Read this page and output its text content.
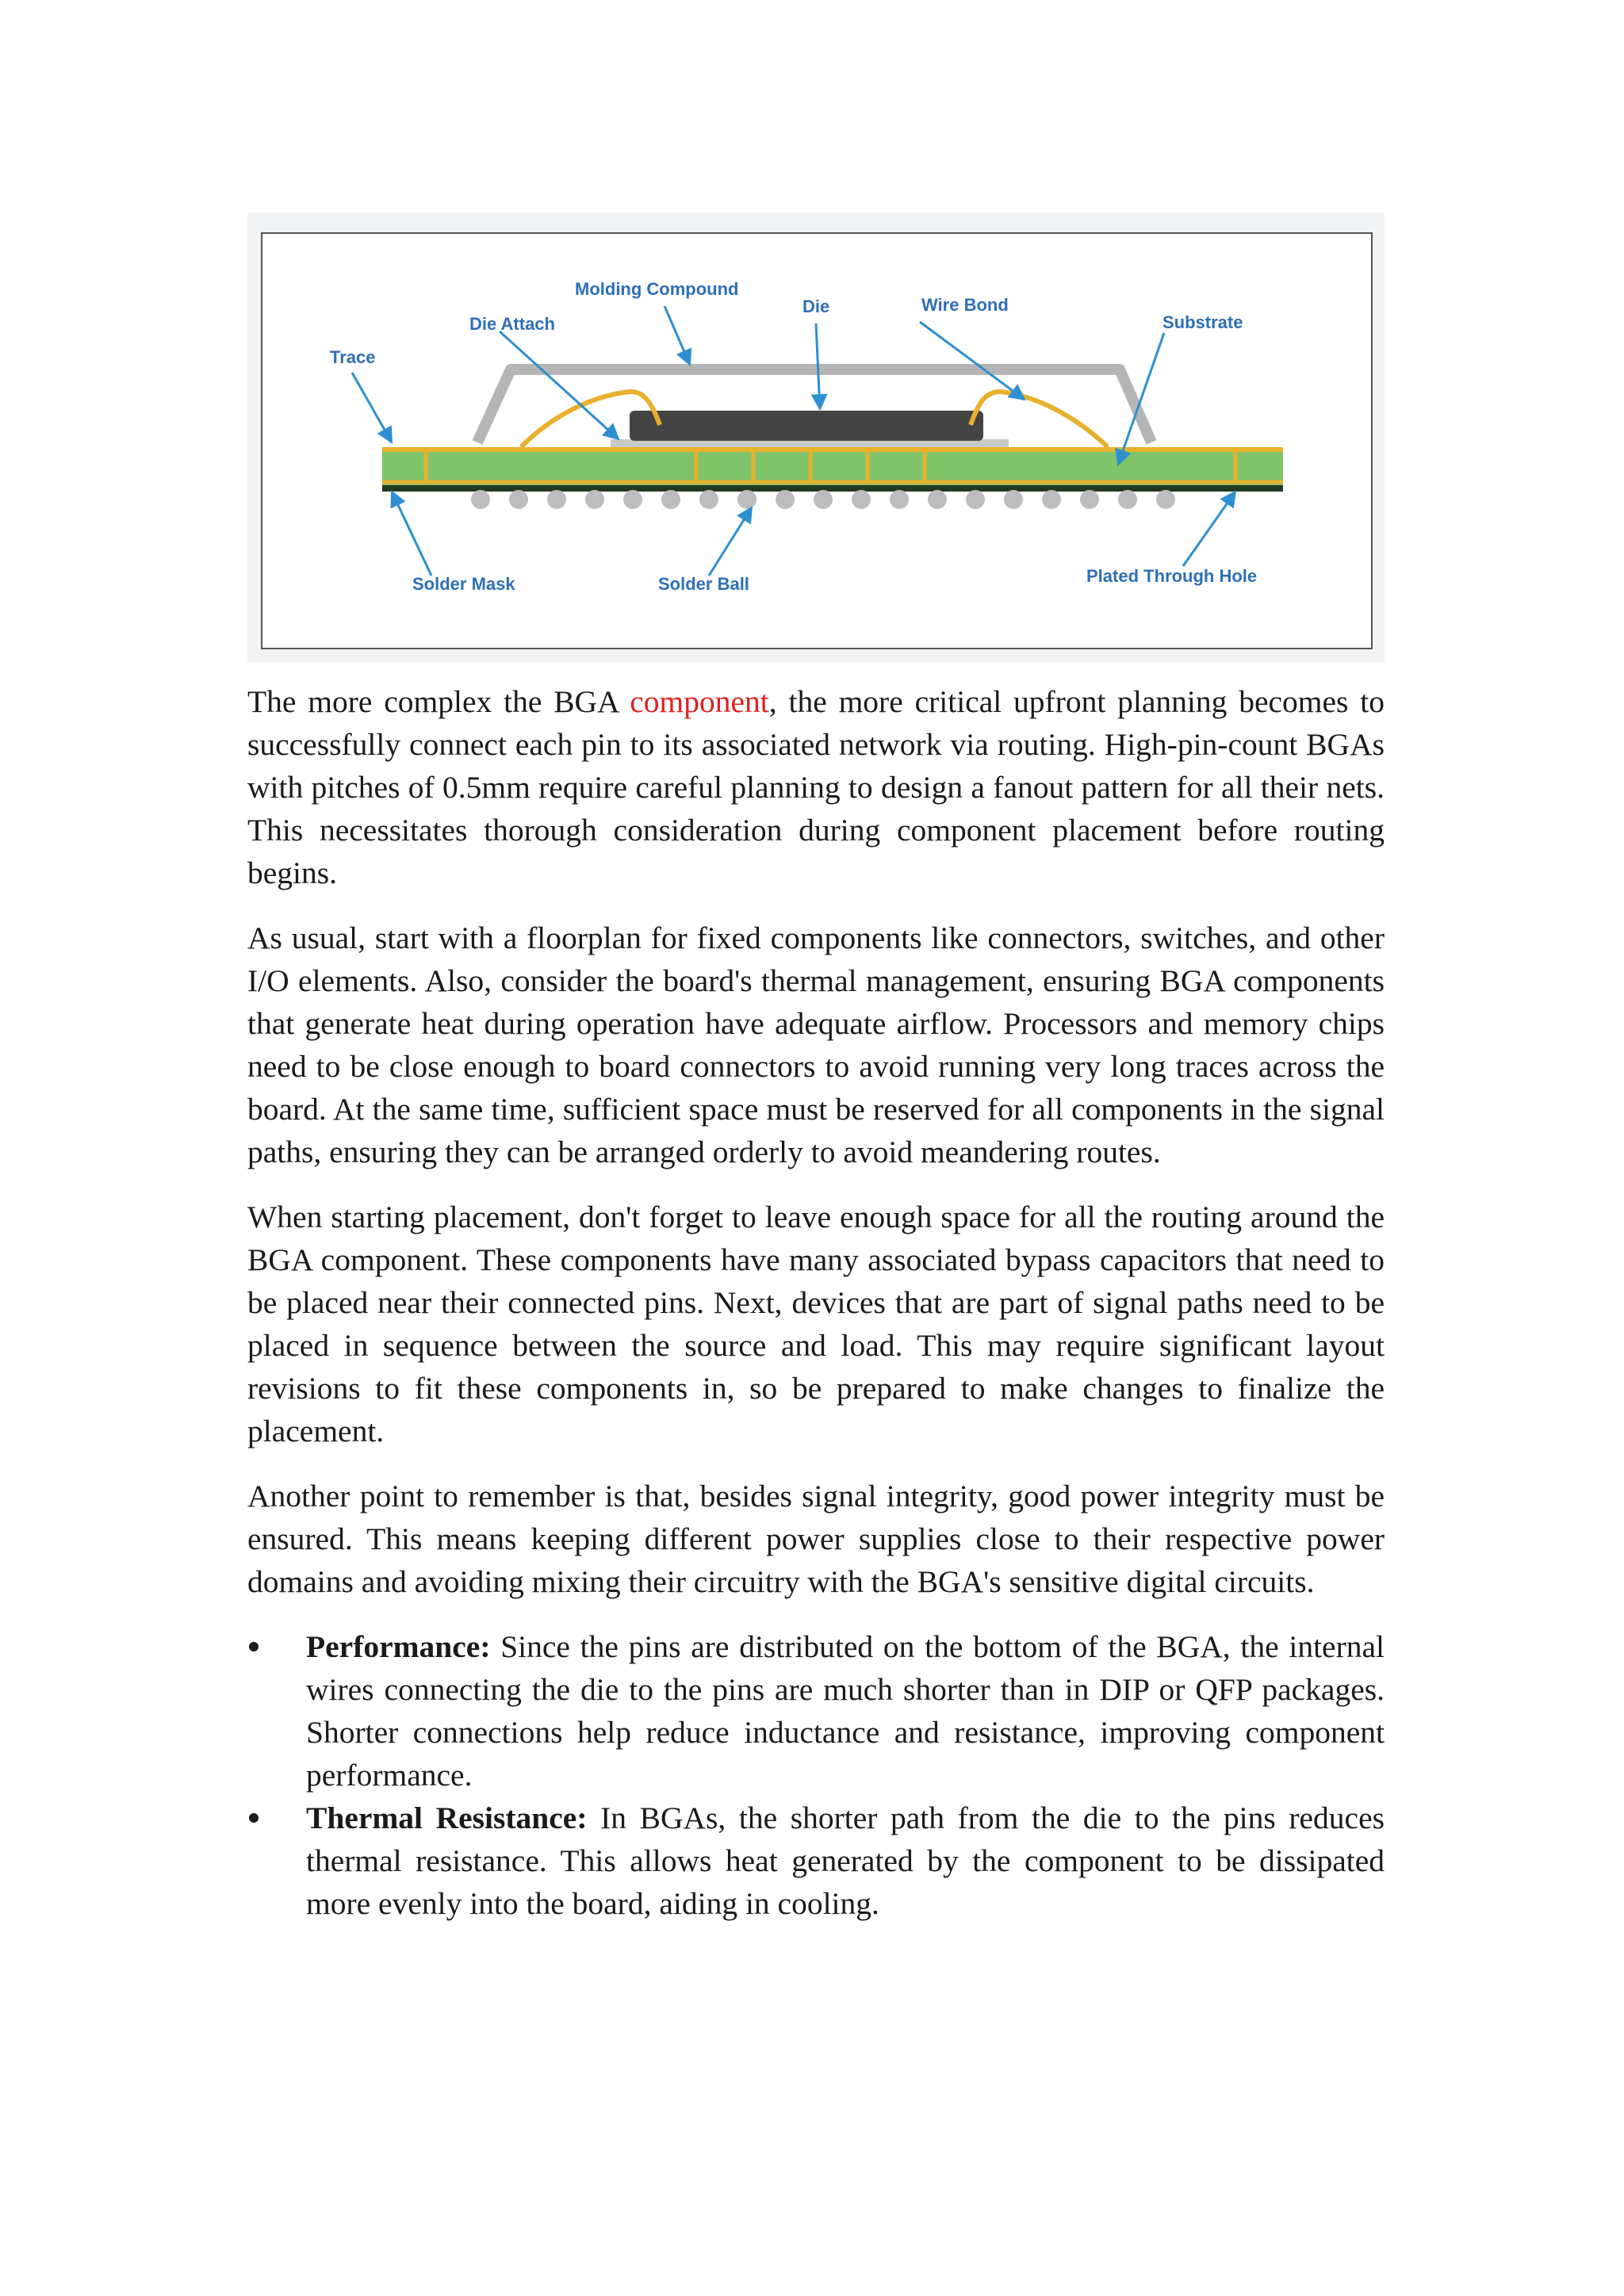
Molding Compound
Die Attach
Die	Wire Bond
Substrate
Trace
Solder Mask	Solder Ball	Plated Through Hole

The more complex the BGA component, the more critical upfront planning becomes to successfully connect each pin to its associated network via routing. High-pin-count BGAs with pitches of 0.5mm require careful planning to design a fanout pattern for all their nets. This necessitates thorough consideration during component placement before routing begins.

As usual, start with a floorplan for fixed components like connectors, switches, and other I/O elements. Also, consider the board's thermal management, ensuring BGA components that generate heat during operation have adequate airflow. Processors and memory chips need to be close enough to board connectors to avoid running very long traces across the board. At the same time, sufficient space must be reserved for all components in the signal paths, ensuring they can be arranged orderly to avoid meandering routes.

When starting placement, don't forget to leave enough space for all the routing around the BGA component. These components have many associated bypass capacitors that need to be placed near their connected pins. Next, devices that are part of signal paths need to be placed in sequence between the source and load. This may require significant layout revisions to fit these components in, so be prepared to make changes to finalize the placement.

Another point to remember is that, besides signal integrity, good power integrity must be ensured. This means keeping different power supplies close to their respective power domains and avoiding mixing their circuitry with the BGA's sensitive digital circuits.

Performance: Since the pins are distributed on the bottom of the BGA, the internal wires connecting the die to the pins are much shorter than in DIP or QFP packages. Shorter connections help reduce inductance and resistance, improving component performance.
Thermal Resistance: In BGAs, the shorter path from the die to the pins reduces thermal resistance. This allows heat generated by the component to be dissipated more evenly into the board, aiding in cooling.
